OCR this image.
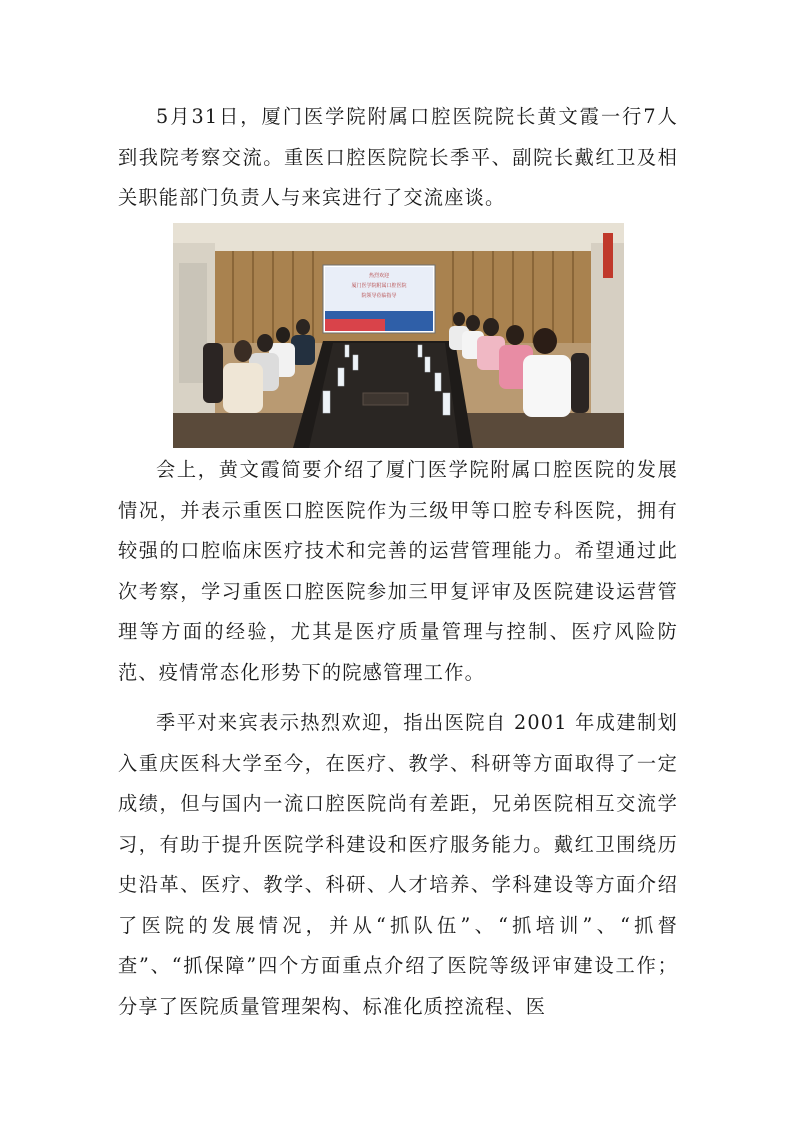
5月31日，厦门医学院附属口腔医院院长黄文霞一行7人到我院考察交流。重医口腔医院院长季平、副院长戴红卫及相关职能部门负责人与来宾进行了交流座谈。

热烈欢迎
厦门医学院附属口腔医院
院领导莅临指导

会上，黄文霞简要介绍了厦门医学院附属口腔医院的发展情况，并表示重医口腔医院作为三级甲等口腔专科医院，拥有较强的口腔临床医疗技术和完善的运营管理能力。希望通过此次考察，学习重医口腔医院参加三甲复评审及医院建设运营管理等方面的经验，尤其是医疗质量管理与控制、医疗风险防范、疫情常态化形势下的院感管理工作。

季平对来宾表示热烈欢迎，指出医院自 2001 年成建制划入重庆医科大学至今，在医疗、教学、科研等方面取得了一定成绩，但与国内一流口腔医院尚有差距，兄弟医院相互交流学习，有助于提升医院学科建设和医疗服务能力。戴红卫围绕历史沿革、医疗、教学、科研、人才培养、学科建设等方面介绍了医院的发展情况，并从“抓队伍”、“抓培训”、“抓督查”、“抓保障”四个方面重点介绍了医院等级评审建设工作；分享了医院质量管理架构、标准化质控流程、医
